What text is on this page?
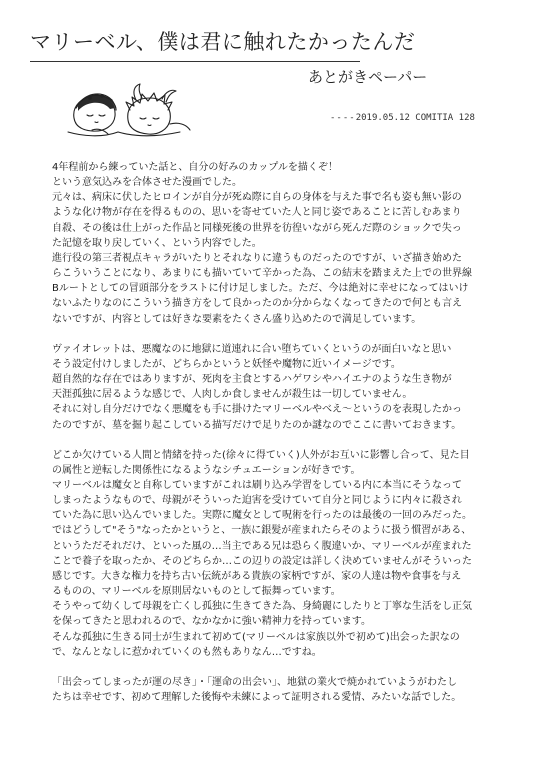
マリーベル、僕は君に触れたかったんだ
あとがきペーパー
----2019.05.12 COMITIA 128
4年程前から練っていた話と、自分の好みのカップルを描くぞ！
という意気込みを合体させた漫画でした。
元々は、病床に伏したヒロインが自分が死ぬ際に自らの身体を与えた事で名も姿も無い影の
ような化け物が存在を得るものの、思いを寄せていた人と同じ姿であることに苦しむあまり
自殺、その後は仕上がった作品と同様死後の世界を彷徨いながら死んだ際のショックで失っ
た記憶を取り戻していく、という内容でした。
進行役の第三者視点キャラがいたりとそれなりに違うものだったのですが、いざ描き始めた
らこういうことになり、あまりにも描いていて辛かった為、この結末を踏まえた上での世界線
Bルートとしての冒頭部分をラストに付け足しました。ただ、今は絶対に幸せになってはいけ
ないふたりなのにこういう描き方をして良かったのか分からなくなってきたので何とも言え
ないですが、内容としては好きな要素をたくさん盛り込めたので満足しています。
ヴァイオレットは、悪魔なのに地獄に道連れに合い堕ちていくというのが面白いなと思い
そう設定付けしましたが、どちらかというと妖怪や魔物に近いイメージです。
超自然的な存在ではありますが、死肉を主食とするハゲワシやハイエナのような生き物が
天涯孤独に居るような感じで、人肉しか食しませんが殺生は一切していません。
それに対し自分だけでなく悪魔をも手に掛けたマリーベルやべえ〜というのを表現したかっ
たのですが、墓を掘り起こしている描写だけで足りたのか謎なのでここに書いておきます。
どこか欠けている人間と情緒を持った(徐々に得ていく)人外がお互いに影響し合って、見た目
の属性と逆転した関係性になるようなシチュエーションが好きです。
マリーベルは魔女と自称していますがこれは刷り込み学習をしている内に本当にそうなって
しまったようなもので、母親がそういった迫害を受けていて自分と同じように内々に殺され
ていた為に思い込んでいました。実際に魔女として呪術を行ったのは最後の一回のみだった。
ではどうして"そう"なったかというと、一族に銀髪が産まれたらそのように扱う慣習がある、
というただそれだけ、といった風の…当主である兄は恐らく腹違いか、マリーベルが産まれた
ことで養子を取ったか、そのどちらか…この辺りの設定は詳しく決めていませんがそういった
感じです。大きな権力を持ち古い伝統がある貴族の家柄ですが、家の人達は物や食事を与え
るものの、マリーベルを原則居ないものとして振舞っています。
そうやって幼くして母親を亡くし孤独に生きてきた為、身綺麗にしたりと丁寧な生活をし正気
を保ってきたと思われるので、なかなかに強い精神力を持っています。
そんな孤独に生きる同士が生まれて初めて(マリーベルは家族以外で初めて)出会った訳なの
で、なんとなしに惹かれていくのも然もありなん…ですね。
「出会ってしまったが運の尽き」・「運命の出会い」、地獄の業火で焼かれていようがわたし
たちは幸せです、初めて理解した後悔や未練によって証明される愛情、みたいな話でした。
